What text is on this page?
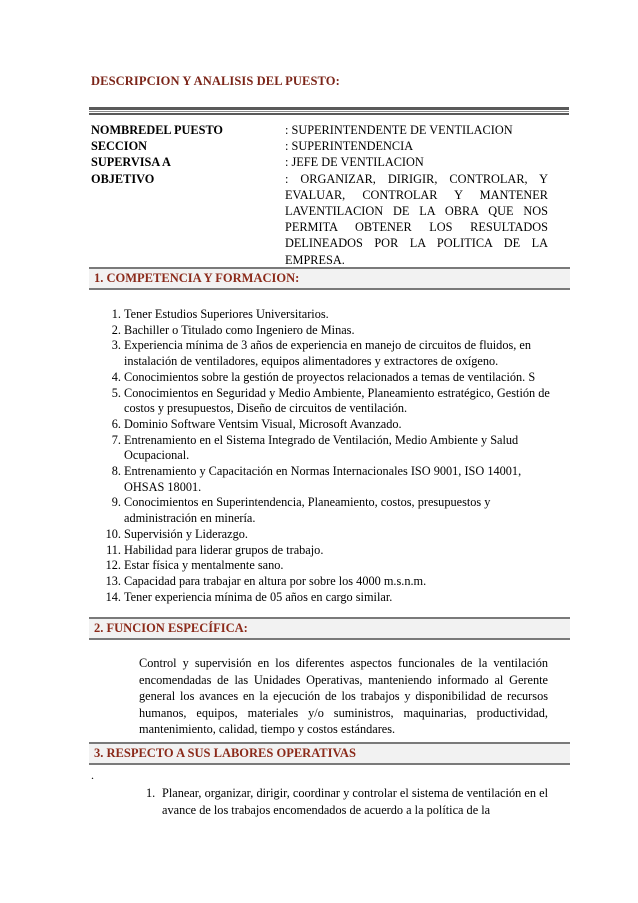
DESCRIPCION Y ANALISIS DEL PUESTO:
NOMBREDEL PUESTO	: SUPERINTENDENTE DE VENTILACION
SECCION	: SUPERINTENDENCIA
SUPERVISA A	: JEFE DE VENTILACION
OBJETIVO	: ORGANIZAR, DIRIGIR, CONTROLAR, Y EVALUAR, CONTROLAR Y MANTENER LAVENTILACION DE LA OBRA QUE NOS PERMITA OBTENER LOS RESULTADOS DELINEADOS POR LA POLITICA DE LA EMPRESA.
1. COMPETENCIA Y FORMACION:
1. Tener Estudios Superiores Universitarios.
2. Bachiller o Titulado como Ingeniero de Minas.
3. Experiencia mínima de 3 años de experiencia en manejo de circuitos de fluidos, en instalación de ventiladores, equipos alimentadores y extractores de oxígeno.
4. Conocimientos sobre la gestión de proyectos relacionados a temas de ventilación. S
5. Conocimientos en Seguridad y Medio Ambiente, Planeamiento estratégico, Gestión de costos y presupuestos, Diseño de circuitos de ventilación.
6. Dominio Software Ventsim Visual, Microsoft Avanzado.
7. Entrenamiento en el Sistema Integrado de Ventilación, Medio Ambiente y Salud Ocupacional.
8. Entrenamiento y Capacitación en Normas Internacionales ISO 9001, ISO 14001, OHSAS 18001.
9. Conocimientos en Superintendencia, Planeamiento, costos, presupuestos y administración en minería.
10. Supervisión y Liderazgo.
11. Habilidad para liderar grupos de trabajo.
12. Estar física y mentalmente sano.
13. Capacidad para trabajar en altura por sobre los 4000 m.s.n.m.
14. Tener experiencia mínima de 05 años en cargo similar.
2. FUNCION ESPECÍFICA:
Control y supervisión en los diferentes aspectos funcionales de la ventilación encomendadas de las Unidades Operativas, manteniendo informado al Gerente general los avances en la ejecución de los trabajos y disponibilidad de recursos humanos, equipos, materiales y/o suministros, maquinarias, productividad, mantenimiento, calidad, tiempo y costos estándares.
3. RESPECTO A SUS LABORES OPERATIVAS
.
1. Planear, organizar, dirigir, coordinar y controlar el sistema de ventilación en el avance de los trabajos encomendados de acuerdo a la política de la
